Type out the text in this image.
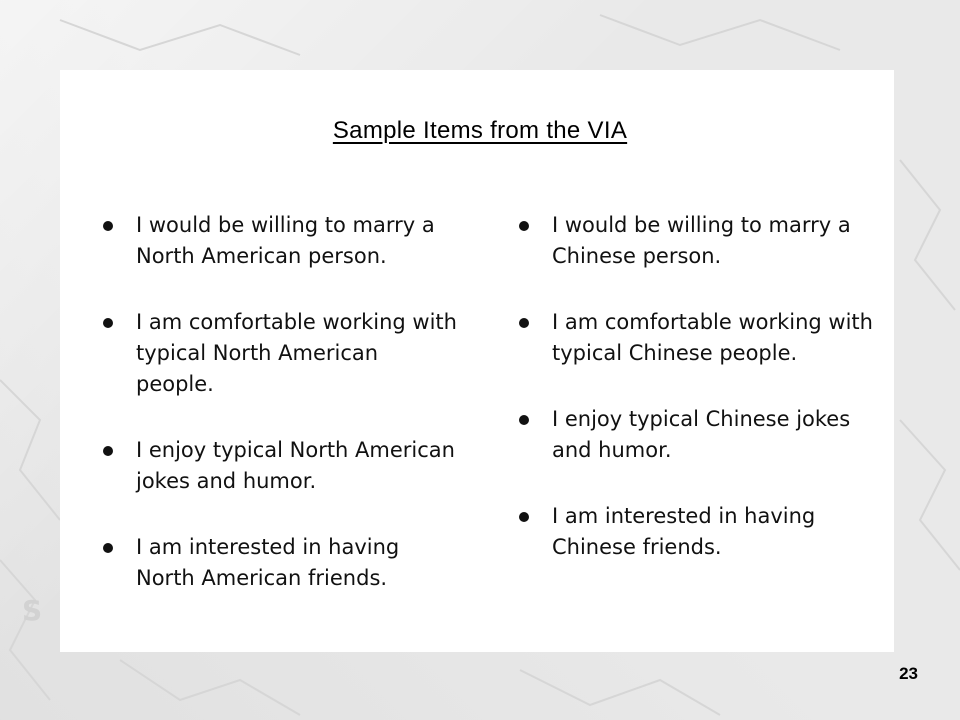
S
Sample Items from the VIA
I would be willing to marry a North American person.
I am comfortable working with typical North American people.
I enjoy typical North American jokes and humor.
I am interested in having North American friends.
I would be willing to marry a Chinese person.
I am comfortable working with typical Chinese people.
I enjoy typical Chinese jokes and humor.
I am interested in having Chinese friends.
23
